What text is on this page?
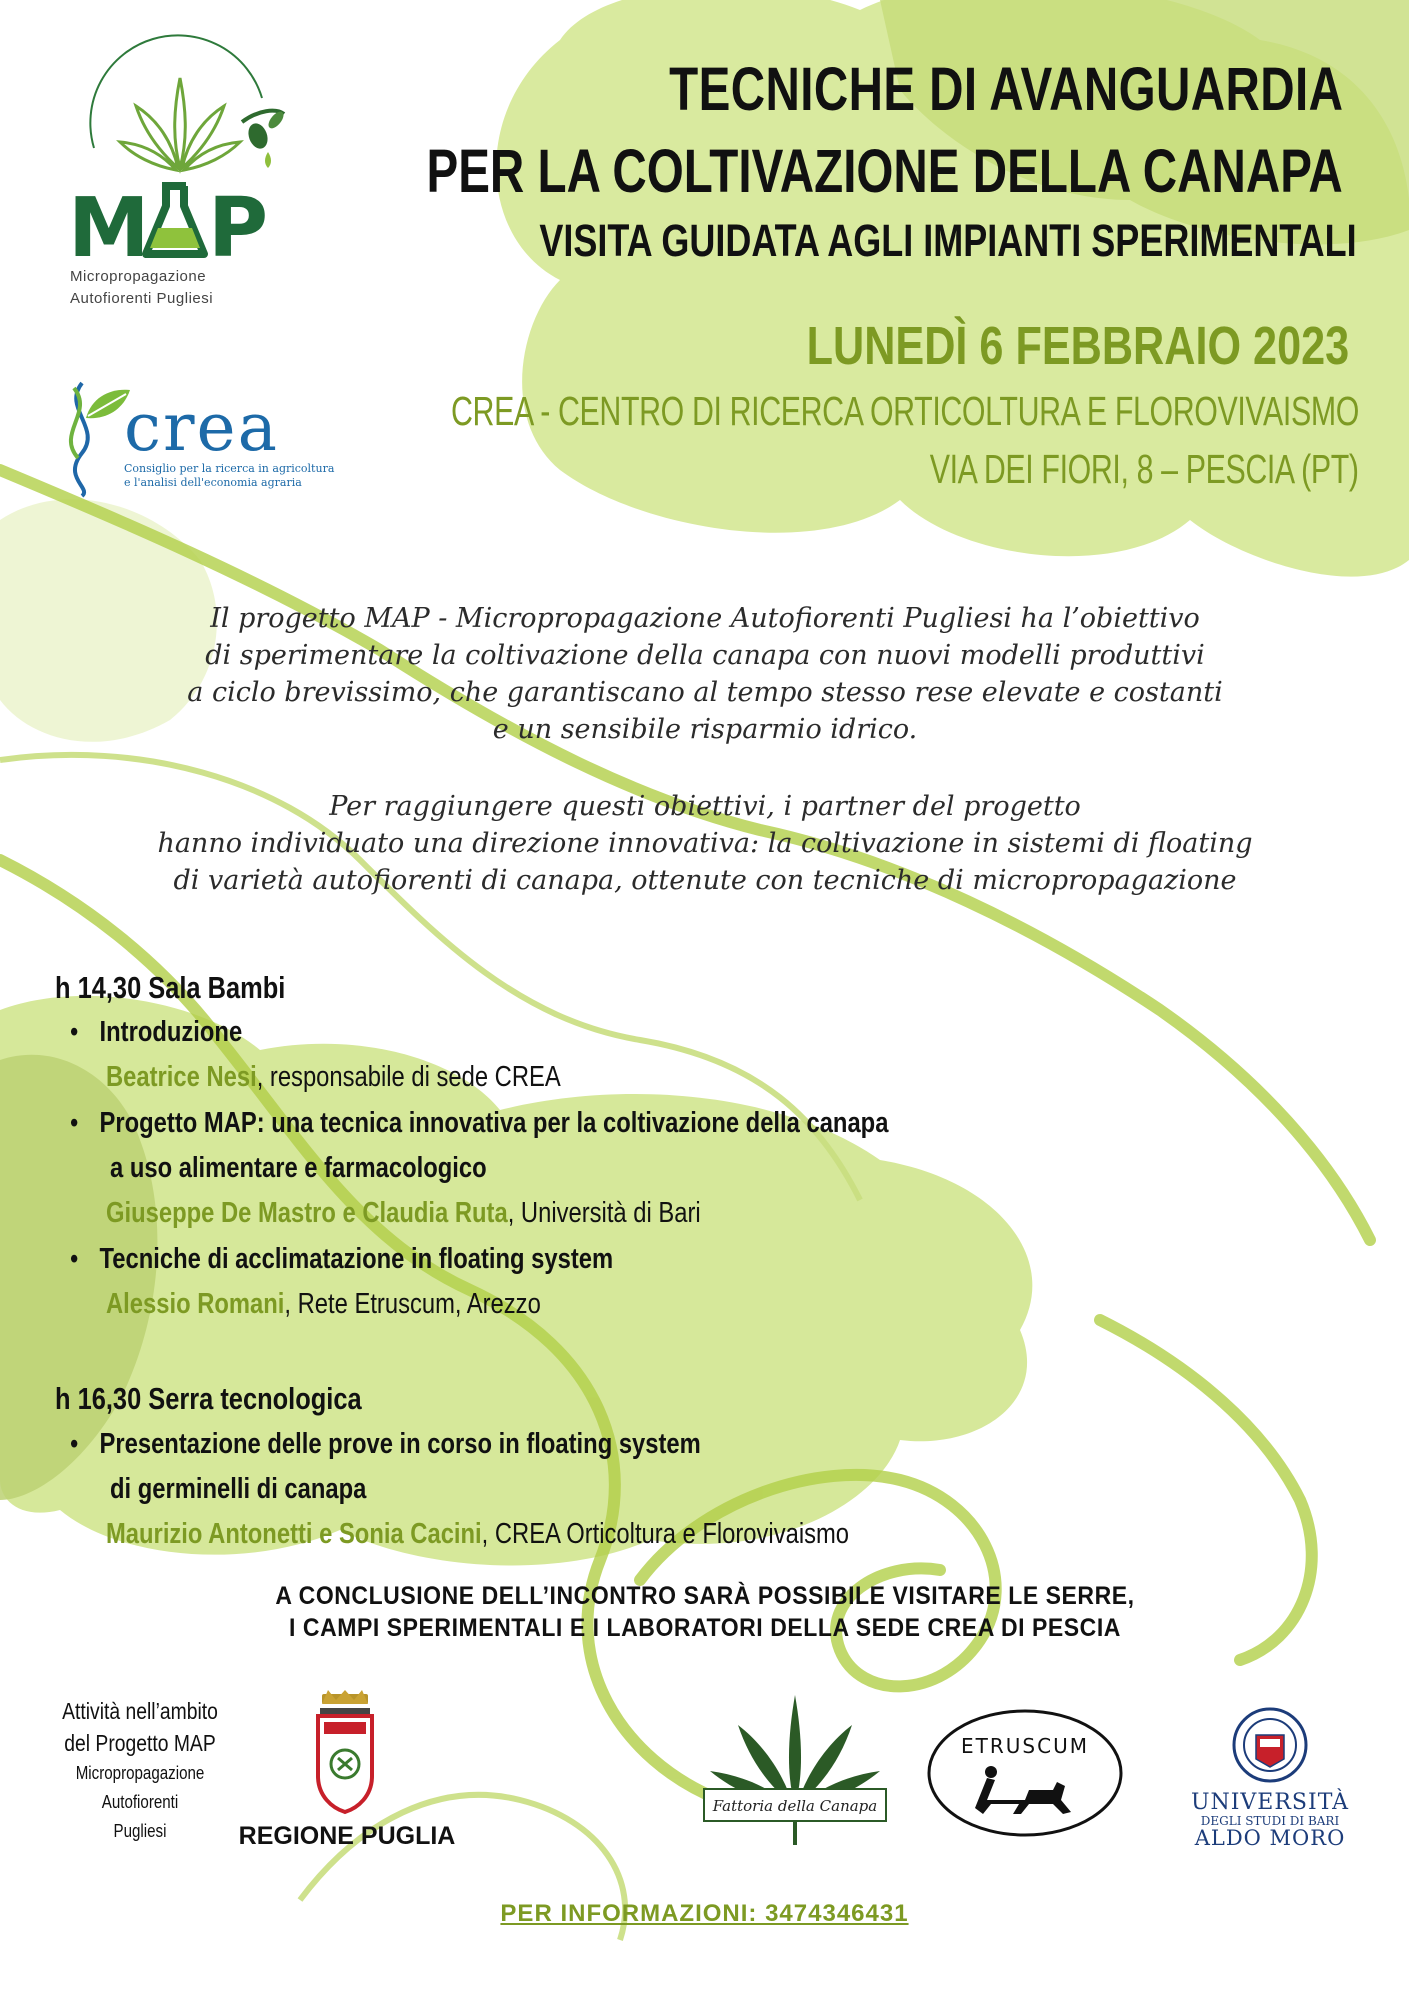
M P
Micropropagazione
Autofiorenti Pugliesi
crea
Consiglio per la ricerca in agricoltura
e l'analisi dell'economia agraria
TECNICHE DI AVANGUARDIA
PER LA COLTIVAZIONE DELLA CANAPA
VISITA GUIDATA AGLI IMPIANTI SPERIMENTALI
LUNEDÌ 6 FEBBRAIO 2023
CREA - CENTRO DI RICERCA ORTICOLTURA E FLOROVIVAISMO
VIA DEI FIORI, 8 – PESCIA (PT)
Il progetto MAP - Micropropagazione Autofiorenti Pugliesi ha l’obiettivo
di sperimentare la coltivazione della canapa con nuovi modelli produttivi
a ciclo brevissimo, che garantiscano al tempo stesso rese elevate e costanti
e un sensibile risparmio idrico.
Per raggiungere questi obiettivi, i partner del progetto
hanno individuato una direzione innovativa: la coltivazione in sistemi di floating
di varietà autofiorenti di canapa, ottenute con tecniche di micropropagazione
h 14,30 Sala Bambi
• Introduzione
Beatrice Nesi, responsabile di sede CREA
• Progetto MAP: una tecnica innovativa per la coltivazione della canapa
a uso alimentare e farmacologico
Giuseppe De Mastro e Claudia Ruta, Università di Bari
• Tecniche di acclimatazione in floating system
Alessio Romani, Rete Etruscum, Arezzo
h 16,30 Serra tecnologica
• Presentazione delle prove in corso in floating system
di germinelli di canapa
Maurizio Antonetti e Sonia Cacini, CREA Orticoltura e Florovivaismo
A CONCLUSIONE DELL’INCONTRO SARÀ POSSIBILE VISITARE LE SERRE,
I CAMPI SPERIMENTALI E I LABORATORI DELLA SEDE CREA DI PESCIA
Attività nell’ambito
del Progetto MAP
Micropropagazione
Autofiorenti
Pugliesi	REGIONE PUGLIA
Fattoria della Canapa
ETRUSCUM
UNIVERSITÀ
DEGLI STUDI DI BARI
ALDO MORO
PER INFORMAZIONI: 3474346431
